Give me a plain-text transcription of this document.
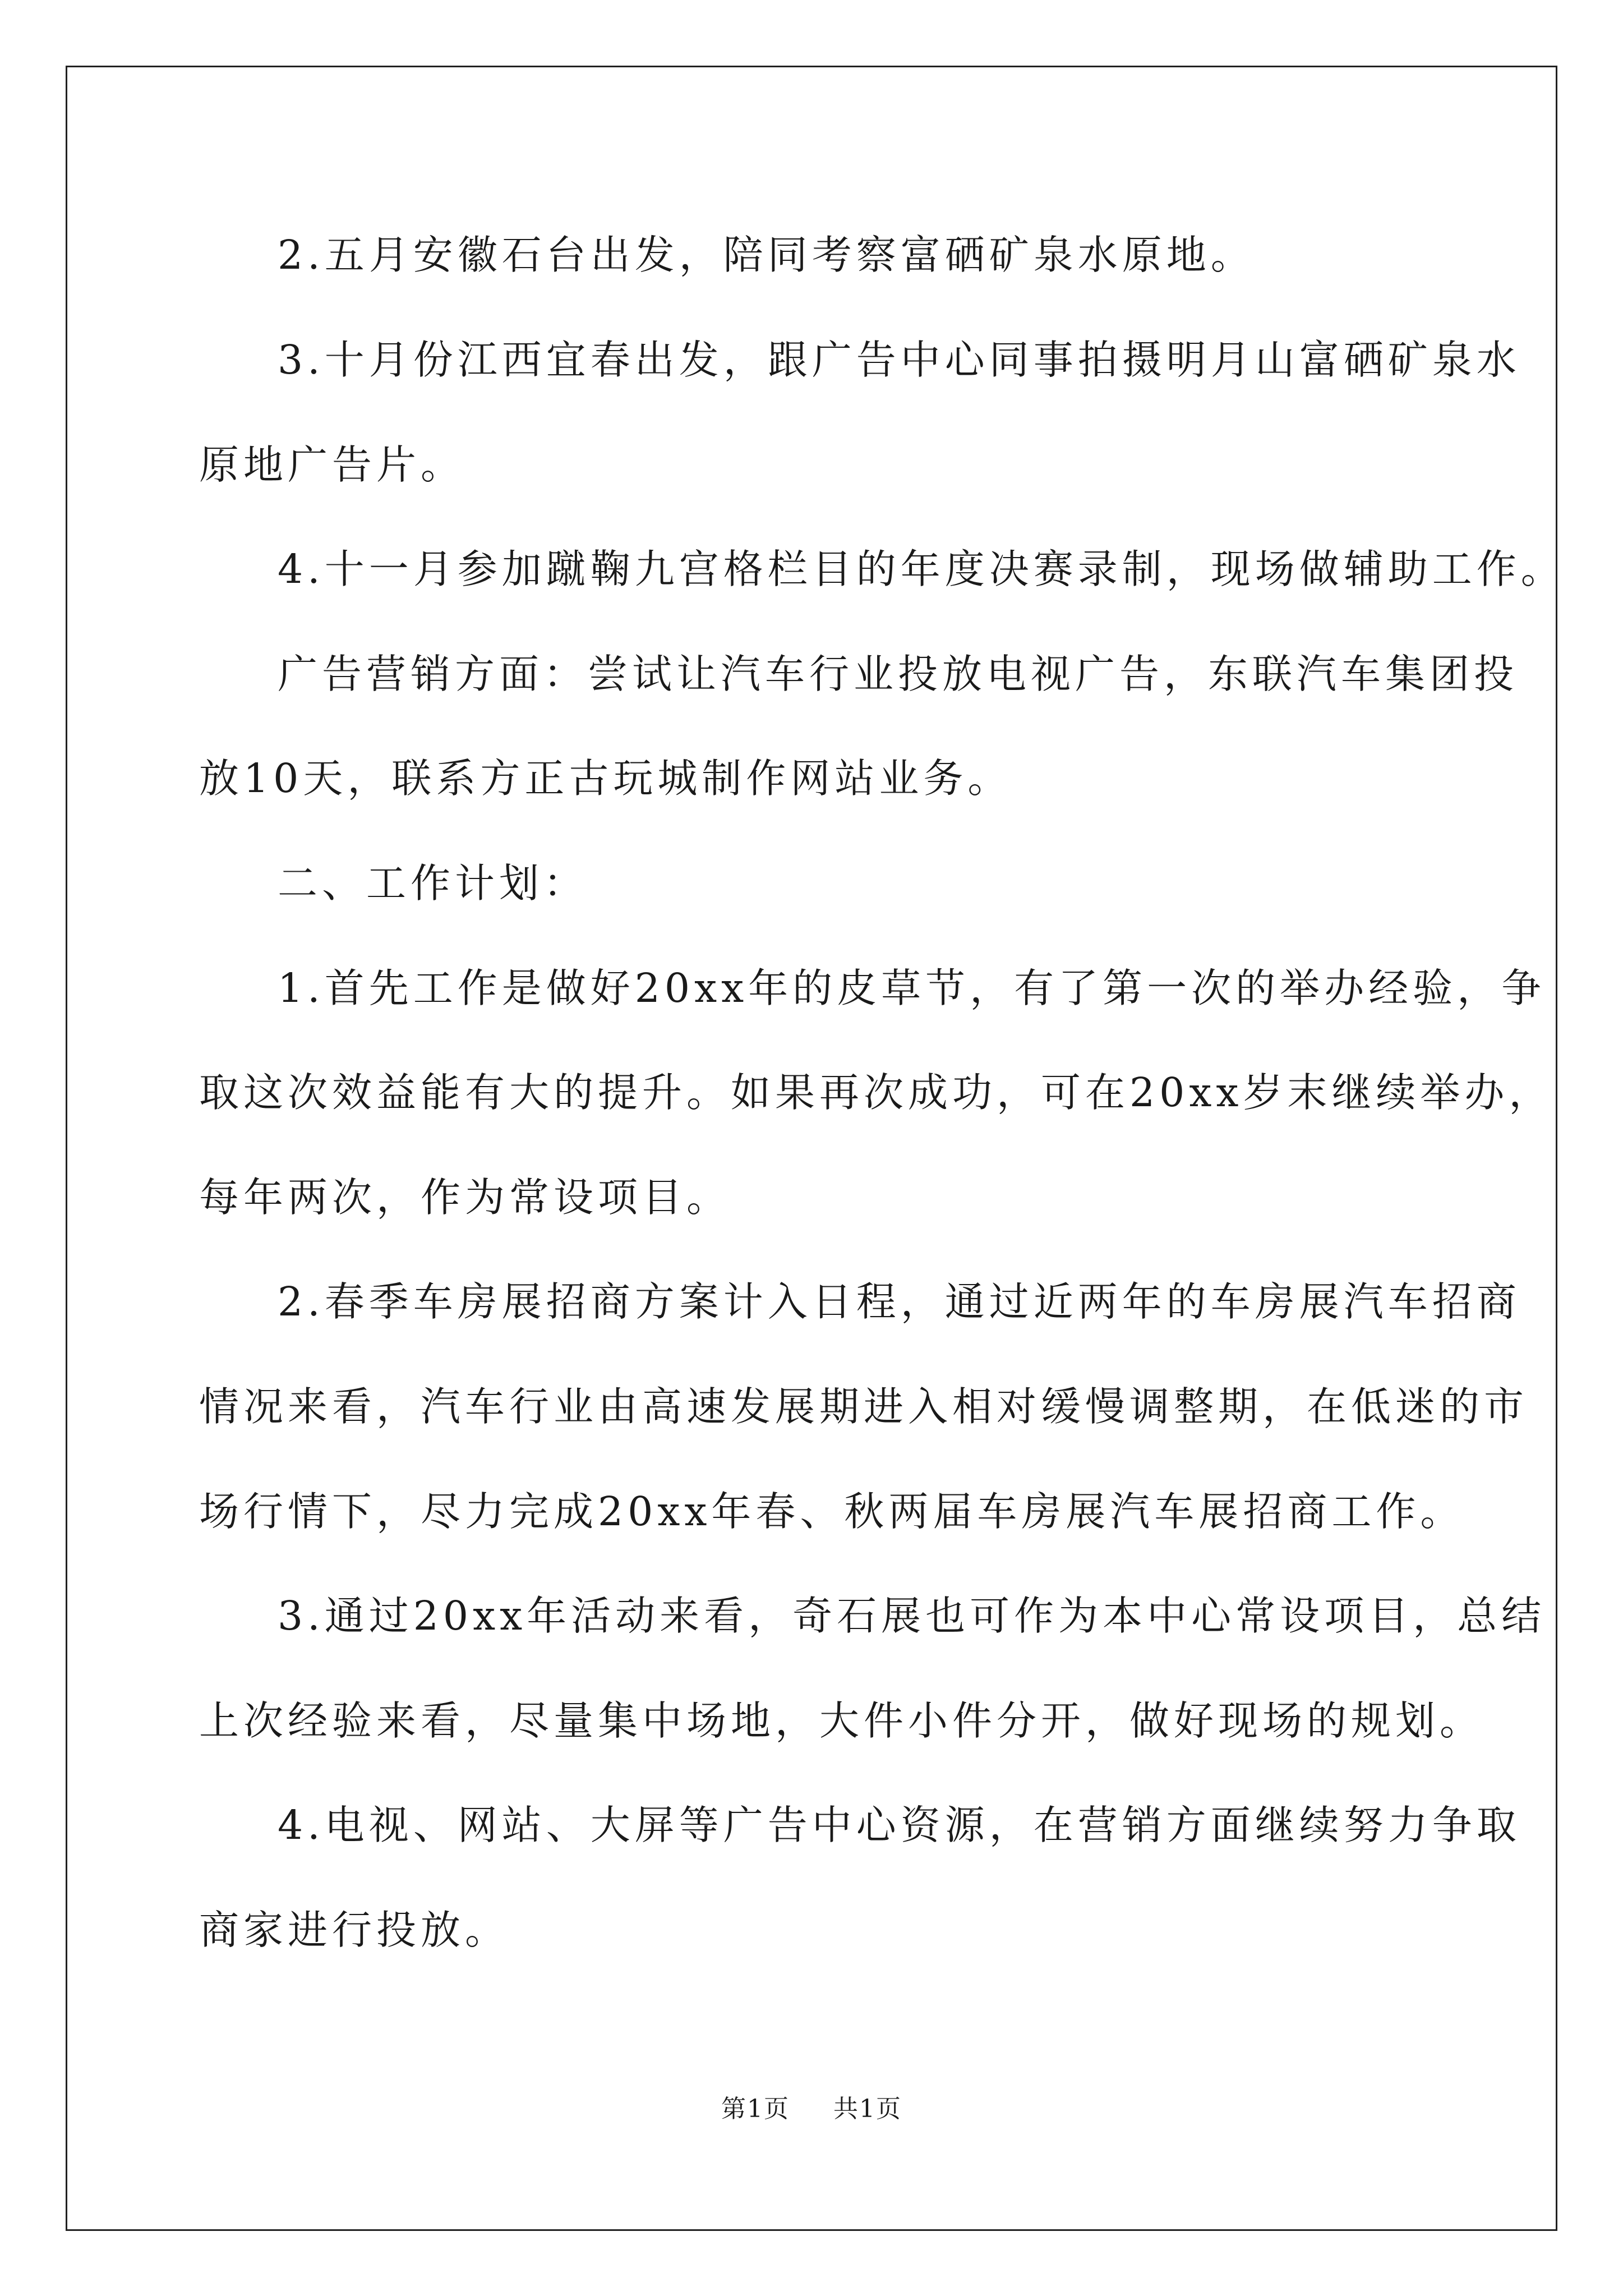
2.五月安徽石台出发，陪同考察富硒矿泉水原地。
3.十月份江西宜春出发，跟广告中心同事拍摄明月山富硒矿泉水
原地广告片。
4.十一月参加蹴鞠九宫格栏目的年度决赛录制，现场做辅助工作。
广告营销方面：尝试让汽车行业投放电视广告，东联汽车集团投
放10天，联系方正古玩城制作网站业务。
二、工作计划：
1.首先工作是做好20xx年的皮草节，有了第一次的举办经验，争
取这次效益能有大的提升。如果再次成功，可在20xx岁末继续举办，
每年两次，作为常设项目。
2.春季车房展招商方案计入日程，通过近两年的车房展汽车招商
情况来看，汽车行业由高速发展期进入相对缓慢调整期，在低迷的市
场行情下，尽力完成20xx年春、秋两届车房展汽车展招商工作。
3.通过20xx年活动来看，奇石展也可作为本中心常设项目，总结
上次经验来看，尽量集中场地，大件小件分开，做好现场的规划。
4.电视、网站、大屏等广告中心资源，在营销方面继续努力争取
商家进行投放。
第1页 共1页
